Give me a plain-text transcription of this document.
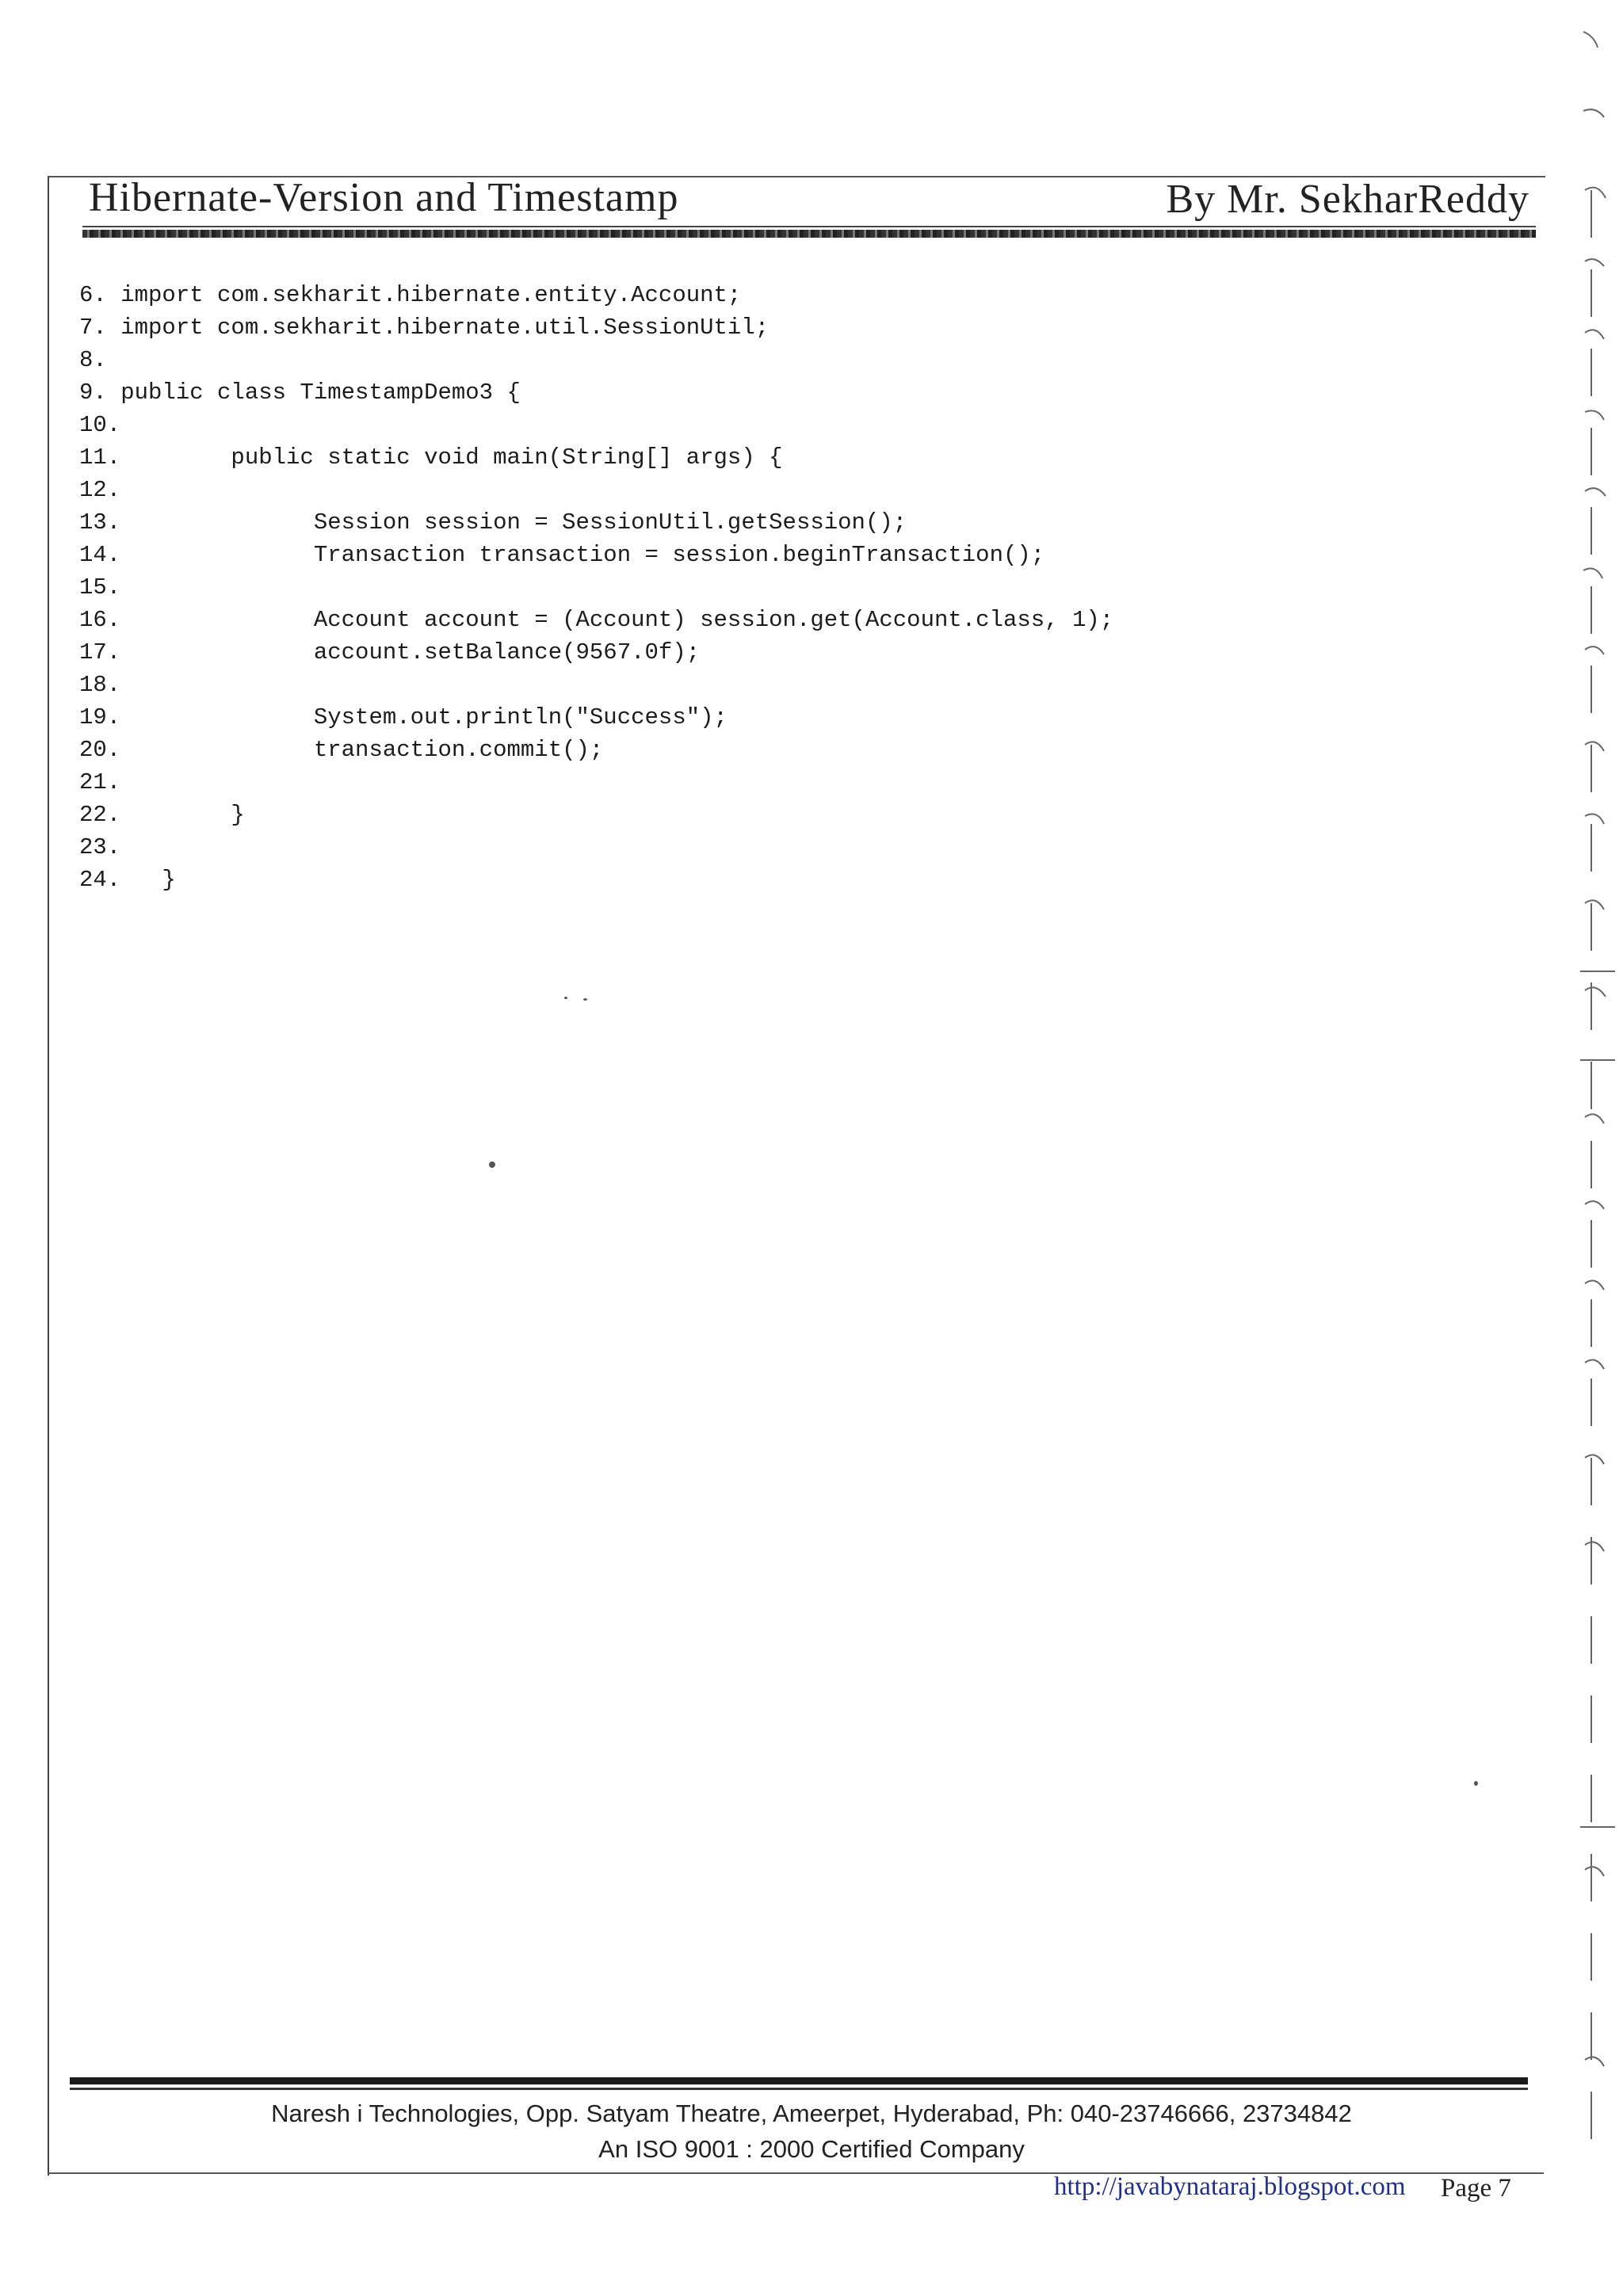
Hibernate-Version and Timestamp	By Mr. SekharReddy
6. import com.sekharit.hibernate.entity.Account;
7. import com.sekharit.hibernate.util.SessionUtil;
8.
9. public class TimestampDemo3 {
10.
11.        public static void main(String[] args) {
12.
13.              Session session = SessionUtil.getSession();
14.              Transaction transaction = session.beginTransaction();
15.
16.              Account account = (Account) session.get(Account.class, 1);
17.              account.setBalance(9567.0f);
18.
19.              System.out.println("Success");
20.              transaction.commit();
21.
22.        }
23.
24.   }
Naresh i Technologies, Opp. Satyam Theatre, Ameerpet, Hyderabad, Ph: 040-23746666, 23734842
An ISO 9001 : 2000 Certified Company
http://javabynataraj.blogspot.com Page 7
